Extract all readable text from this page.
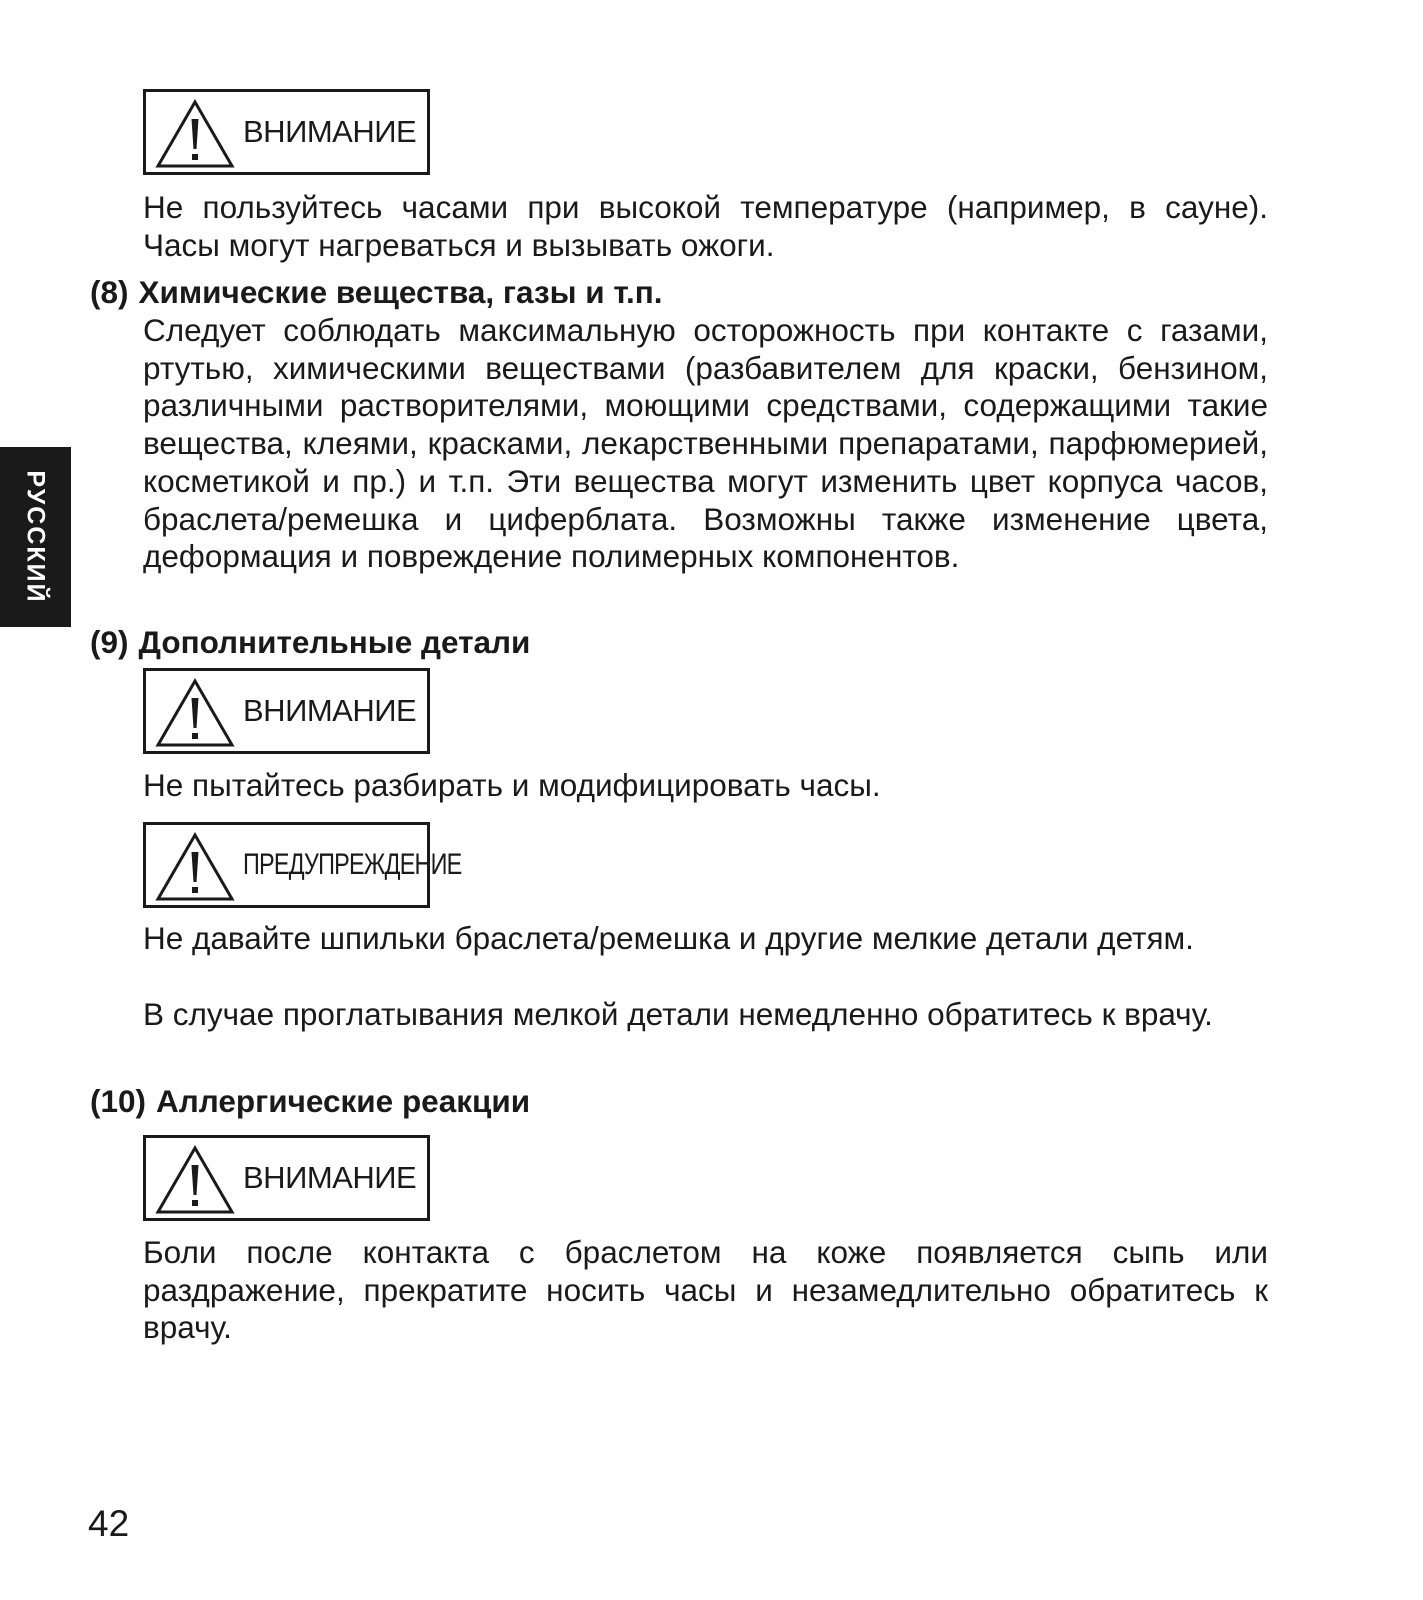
РУССКИЙ
ВНИМАНИЕ

Не пользуйтесь часами при высокой температуре (например, в сауне). Часы могут нагреваться и вызывать ожоги.

(8) Химические вещества, газы и т.п.

Следует соблюдать максимальную осторожность при контакте с газами, ртутью, химическими веществами (разбавителем для краски, бензином, различными растворителями, моющими средствами, содержащими такие вещества, клеями, красками, лекарственными препаратами, парфюмерией, косметикой и пр.) и т.п. Эти вещества могут изменить цвет корпуса часов, браслета/ремешка и циферблата. Возможны также изменение цвета, деформация и повреждение полимерных компонентов.

(9) Дополнительные детали

ВНИМАНИЕ

Не пытайтесь разбирать и модифицировать часы.

ПРЕДУПРЕЖДЕНИЕ

Не давайте шпильки браслета/ремешка и другие мелкие детали детям.

В случае проглатывания мелкой детали немедленно обратитесь к врачу.

(10) Аллергические реакции

ВНИМАНИЕ

Боли после контакта с браслетом на коже появляется сыпь или раздражение, прекратите носить часы и незамедлительно обратитесь к врачу.

42
